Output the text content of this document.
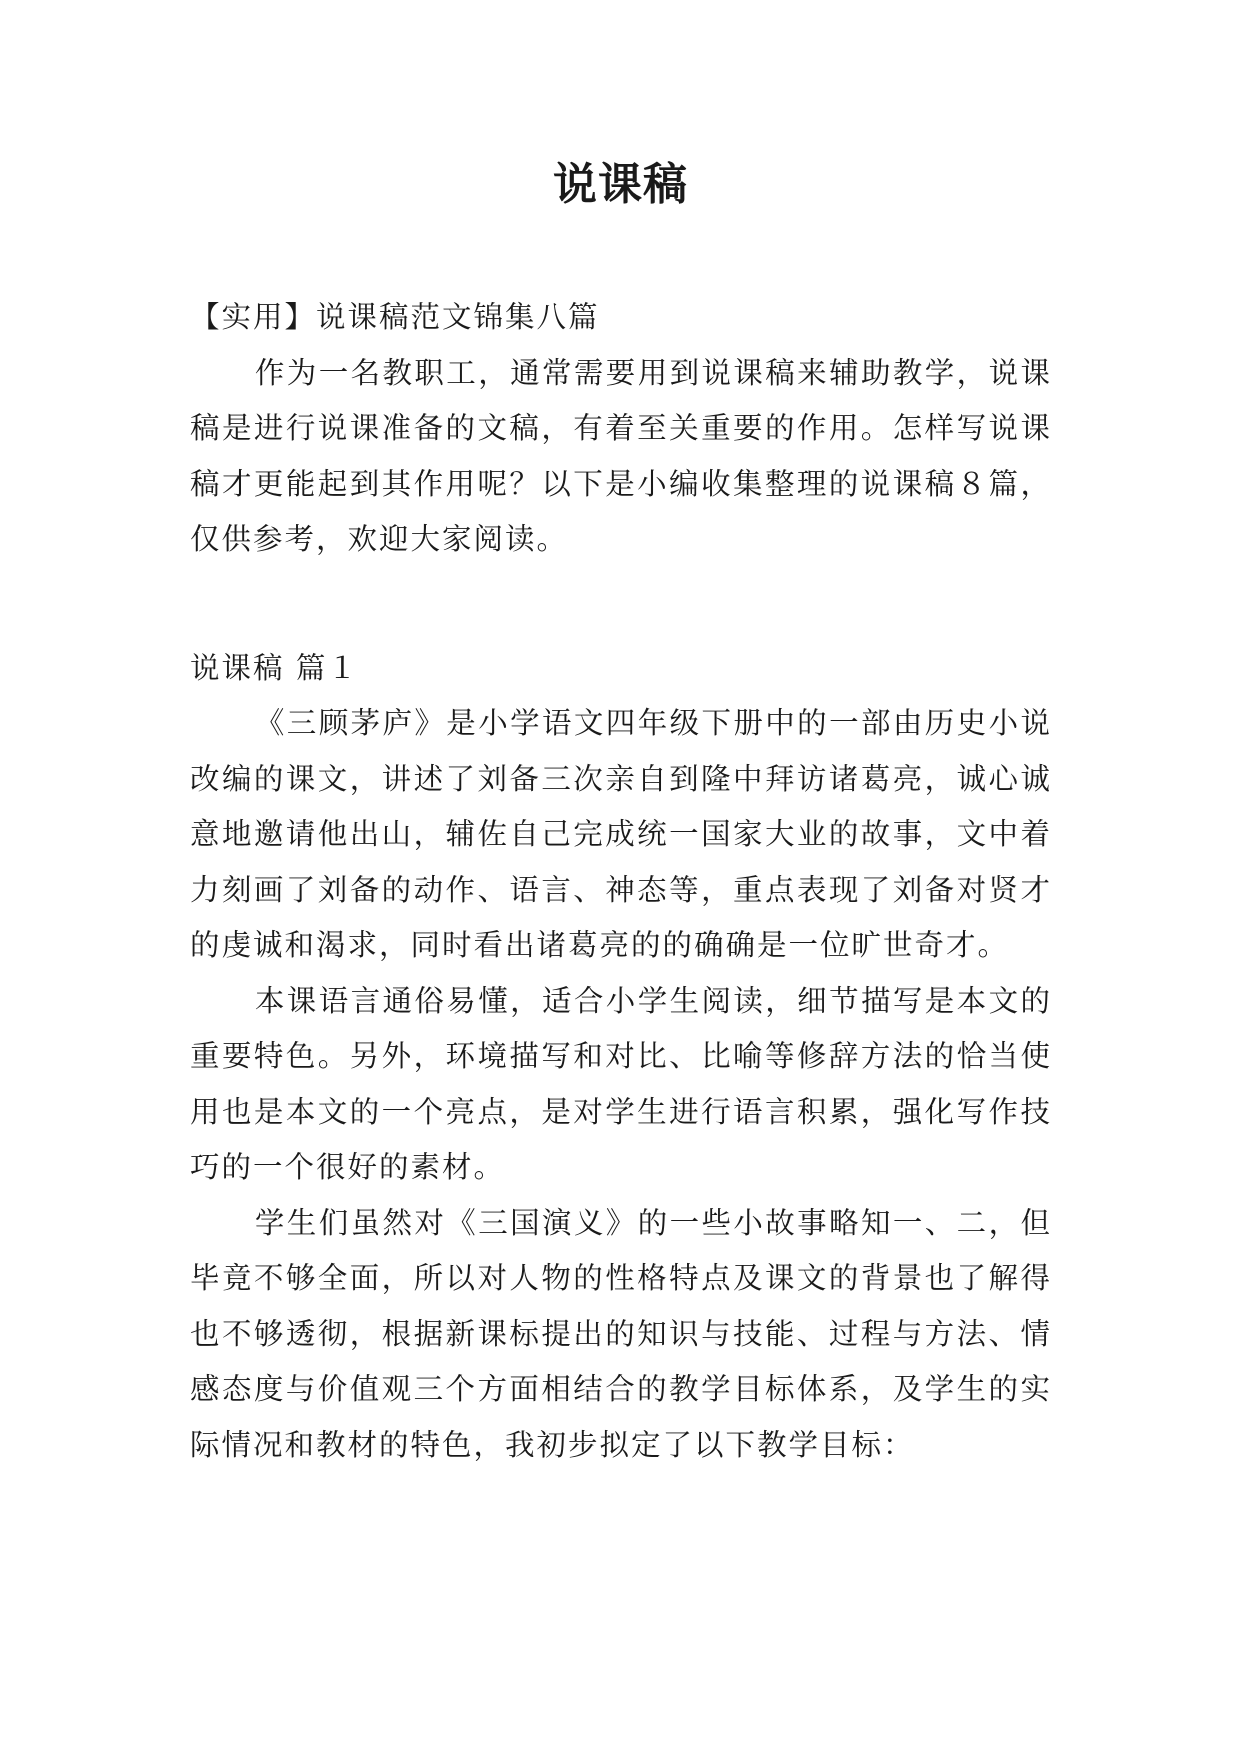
说课稿

【实用】说课稿范文锦集八篇

作为一名教职工，通常需要用到说课稿来辅助教学，说课稿是进行说课准备的文稿，有着至关重要的作用。怎样写说课稿才更能起到其作用呢？以下是小编收集整理的说课稿８篇，仅供参考，欢迎大家阅读。

说课稿 篇１

《三顾茅庐》是小学语文四年级下册中的一部由历史小说改编的课文，讲述了刘备三次亲自到隆中拜访诸葛亮，诚心诚意地邀请他出山，辅佐自己完成统一国家大业的故事，文中着力刻画了刘备的动作、语言、神态等，重点表现了刘备对贤才的虔诚和渴求，同时看出诸葛亮的的确确是一位旷世奇才。

本课语言通俗易懂，适合小学生阅读，细节描写是本文的重要特色。另外，环境描写和对比、比喻等修辞方法的恰当使用也是本文的一个亮点，是对学生进行语言积累，强化写作技巧的一个很好的素材。

学生们虽然对《三国演义》的一些小故事略知一、二，但毕竟不够全面，所以对人物的性格特点及课文的背景也了解得也不够透彻，根据新课标提出的知识与技能、过程与方法、情感态度与价值观三个方面相结合的教学目标体系，及学生的实际情况和教材的特色，我初步拟定了以下教学目标：
